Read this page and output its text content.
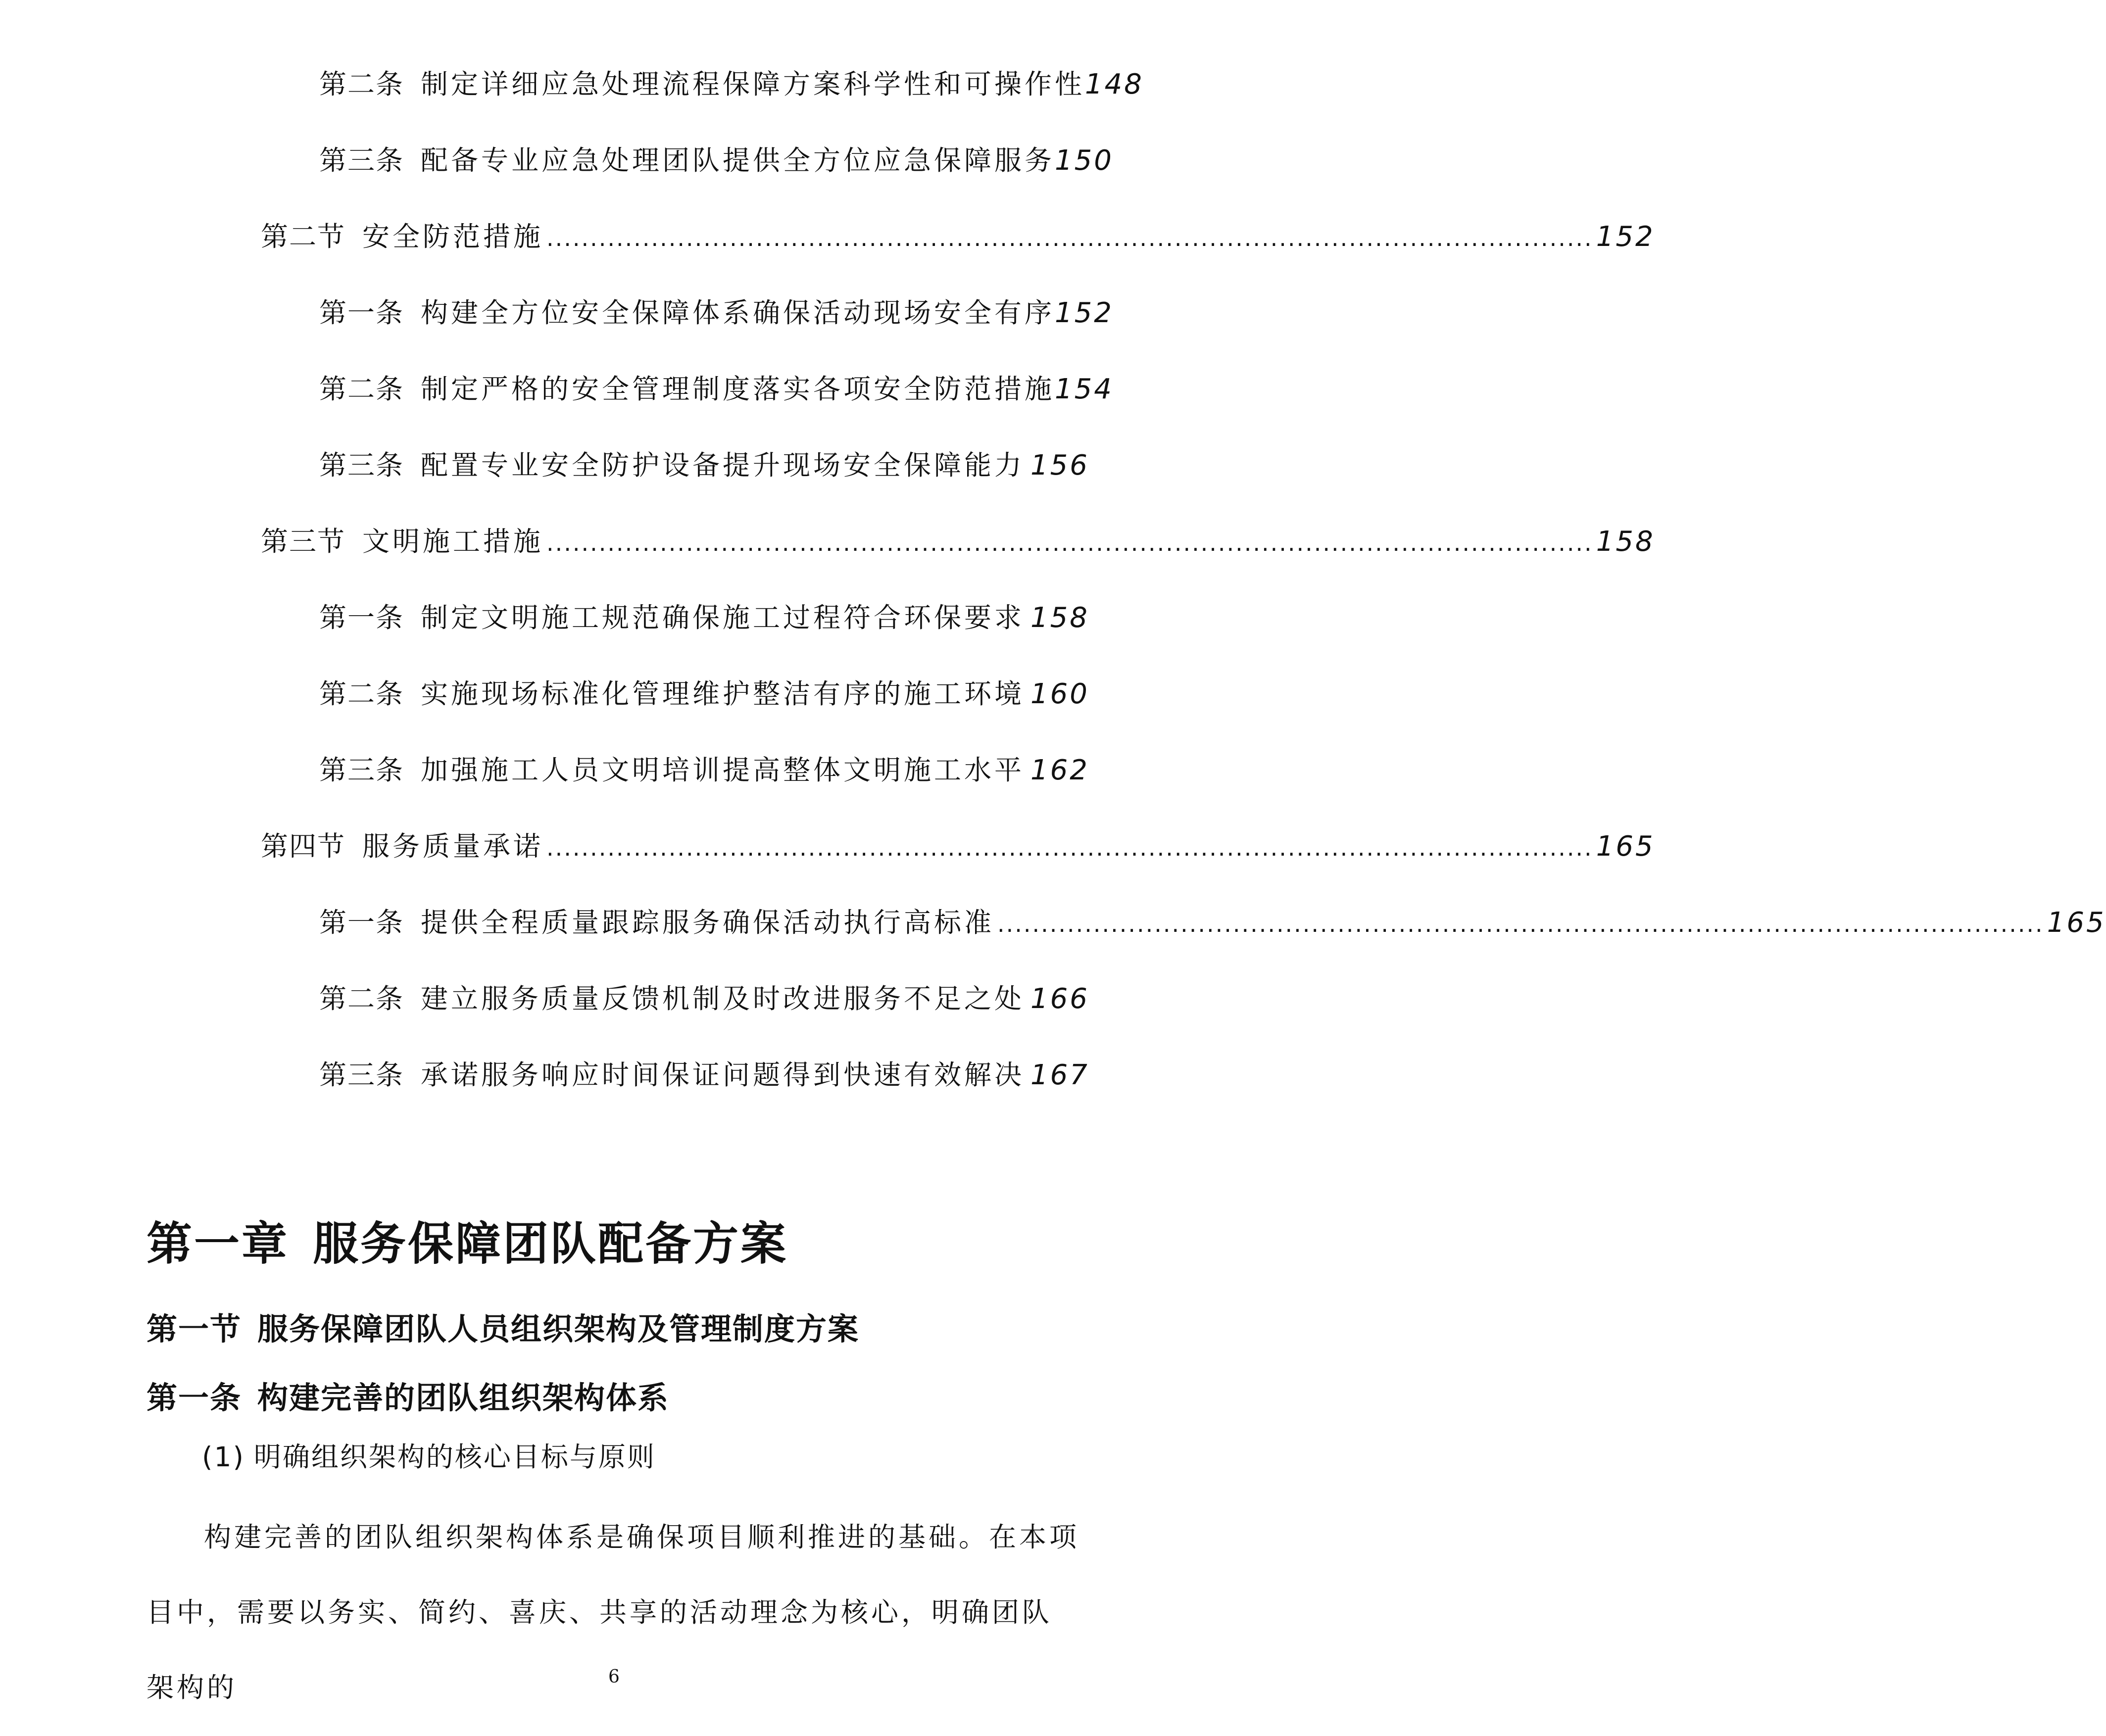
第二条 制定详细应急处理流程保障方案科学性和可操作性 148
第三条 配备专业应急处理团队提供全方位应急保障服务 150
第二节 安全防范措施 ........................................................................................................................ 152
第一条 构建全方位安全保障体系确保活动现场安全有序 152
第二条 制定严格的安全管理制度落实各项安全防范措施 154
第三条 配置专业安全防护设备提升现场安全保障能力 156
第三节 文明施工措施 ........................................................................................................................ 158
第一条 制定文明施工规范确保施工过程符合环保要求 158
第二条 实施现场标准化管理维护整洁有序的施工环境 160
第三条 加强施工人员文明培训提高整体文明施工水平 162
第四节 服务质量承诺 ........................................................................................................................ 165
第一条 提供全程质量跟踪服务确保活动执行高标准 ........................................................................................................................ 165
第二条 建立服务质量反馈机制及时改进服务不足之处 166
第三条 承诺服务响应时间保证问题得到快速有效解决 167
第一章 服务保障团队配备方案
第一节 服务保障团队人员组织架构及管理制度方案
第一条 构建完善的团队组织架构体系
(1) 明确组织架构的核心目标与原则
构建完善的团队组织架构体系是确保项目顺利推进的基础。在本项目中，需要以务实、简约、喜庆、共享的活动理念为核心，明确团队架构的	6
